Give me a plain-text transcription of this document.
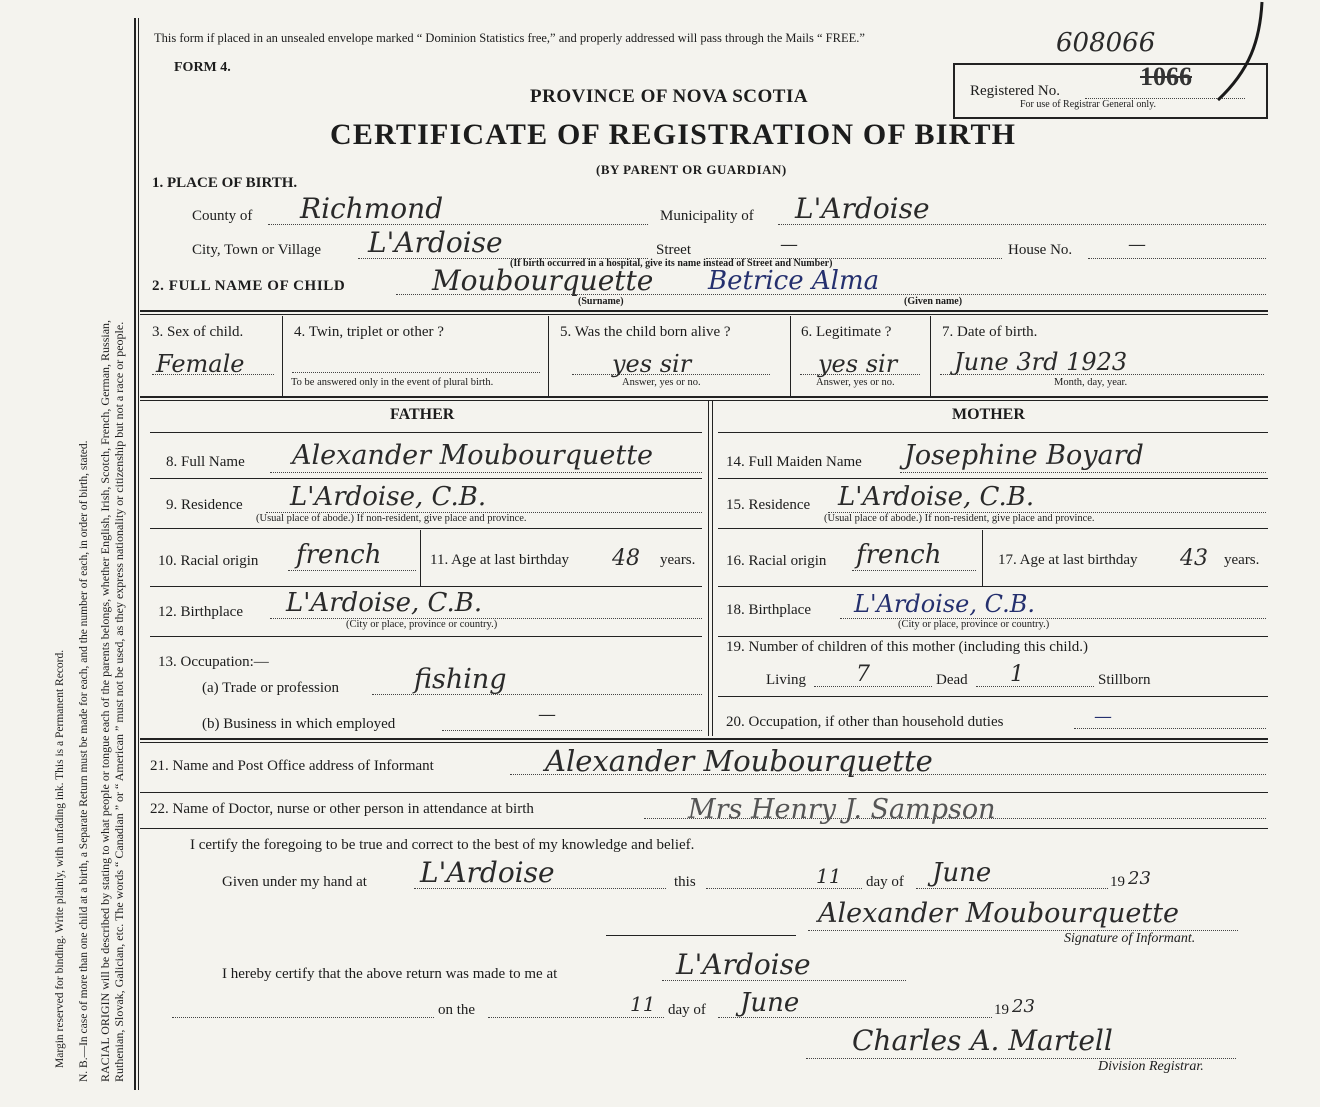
Margin reserved for binding. Write plainly, with unfading ink. This is a Permanent Record. N. B.—In case of more than one child at a birth, a Separate Return must be made for each, and the number of each, in order of birth, stated. RACIAL ORIGIN will be described by stating to what people or tongue each of the parents belongs, whether English, Irish, Scotch, French, German, Russian, Ruthenian, Slovak, Galician, etc. The words “ Canadian ” or “ American ” must not be used, as they express nationality or citizenship but not a race or people.
This form if placed in an unsealed envelope marked “ Dominion Statistics free,” and properly addressed will pass through the Mails “ FREE.”	608066
FORM 4.
Registered No.	1066
For use of Registrar General only.
PROVINCE OF NOVA SCOTIA
CERTIFICATE OF REGISTRATION OF BIRTH
(BY PARENT OR GUARDIAN)
1. PLACE OF BIRTH.
County of Richmond	Municipality of L'Ardoise
City, Town or Village L'Ardoise	Street	—	House No.	—
(If birth occurred in a hospital, give its name instead of Street and Number)
2. FULL NAME OF CHILD	Moubourquette Betrice Alma
(Surname)	(Given name)
3. Sex of child.
Female
4. Twin, triplet or other ?
To be answered only in the event of plural birth.
5. Was the child born alive ?
yes sir
Answer, yes or no.
6. Legitimate ?
yes sir
Answer, yes or no.
7. Date of birth.
June 3rd 1923
Month, day, year.
FATHER	MOTHER
8. Full Name Alexander Moubourquette
9. Residence L'Ardoise, C.B.
(Usual place of abode.) If non-resident, give place and province.
10. Racial origin french	11. Age at last birthday 48 years.
12. Birthplace L'Ardoise, C.B.
(City or place, province or country.)
13. Occupation:—
(a) Trade or profession	fishing
(b) Business in which employed	—
14. Full Maiden Name Josephine Boyard
15. Residence L'Ardoise, C.B.
(Usual place of abode.) If non-resident, give place and province.
16. Racial origin french	17. Age at last birthday 43 years.
18. Birthplace L'Ardoise, C.B.
(City or place, province or country.)
19. Number of children of this mother (including this child.)
Living 7	Dead 1	Stillborn
20. Occupation, if other than household duties	—
21. Name and Post Office address of Informant	Alexander Moubourquette
22. Name of Doctor, nurse or other person in attendance at birth	Mrs Henry J. Sampson
I certify the foregoing to be true and correct to the best of my knowledge and belief.
Given under my hand at L'Ardoise	this	11 day of June	19 23
Alexander Moubourquette
Signature of Informant.
I hereby certify that the above return was made to me at	L'Ardoise
on the	11 day of June	19 23
Charles A. Martell
Division Registrar.
